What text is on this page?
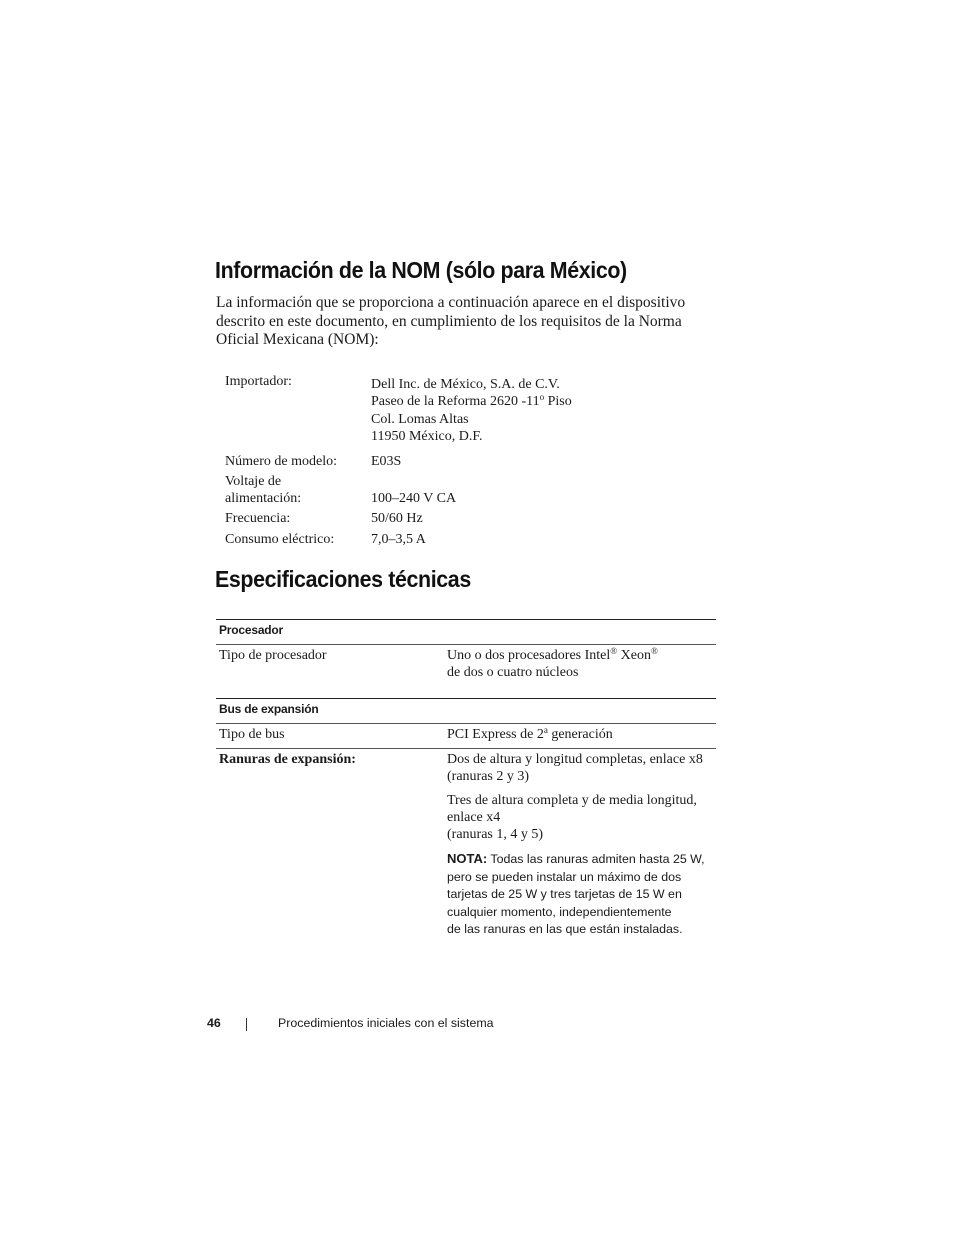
Información de la NOM (sólo para México)
La información que se proporciona a continuación aparece en el dispositivo
descrito en este documento, en cumplimiento de los requisitos de la Norma
Oficial Mexicana (NOM):
Importador:	Dell Inc. de México, S.A. de C.V.
Paseo de la Reforma 2620 -11$^o$ Piso
Col. Lomas Altas
11950 México, D.F.
Número de modelo:	E03S
Voltaje de
alimentación:	100–240 V CA
Frecuencia:	50/60 Hz
Consumo eléctrico:	7,0–3,5 A
Especificaciones técnicas
Procesador
Tipo de procesador	Uno o dos procesadores Intel® Xeon®
de dos o cuatro núcleos
Bus de expansión
Tipo de bus	PCI Express de 2$^a$ generación
Ranuras de expansión:	Dos de altura y longitud completas, enlace x8
(ranuras 2 y 3)
Tres de altura completa y de media longitud,
enlace x4
(ranuras 1, 4 y 5)
NOTA: Todas las ranuras admiten hasta 25 W,
pero se pueden instalar un máximo de dos
tarjetas de 25 W y tres tarjetas de 15 W en
cualquier momento, independientemente
de las ranuras en las que están instaladas.
46	Procedimientos iniciales con el sistema
